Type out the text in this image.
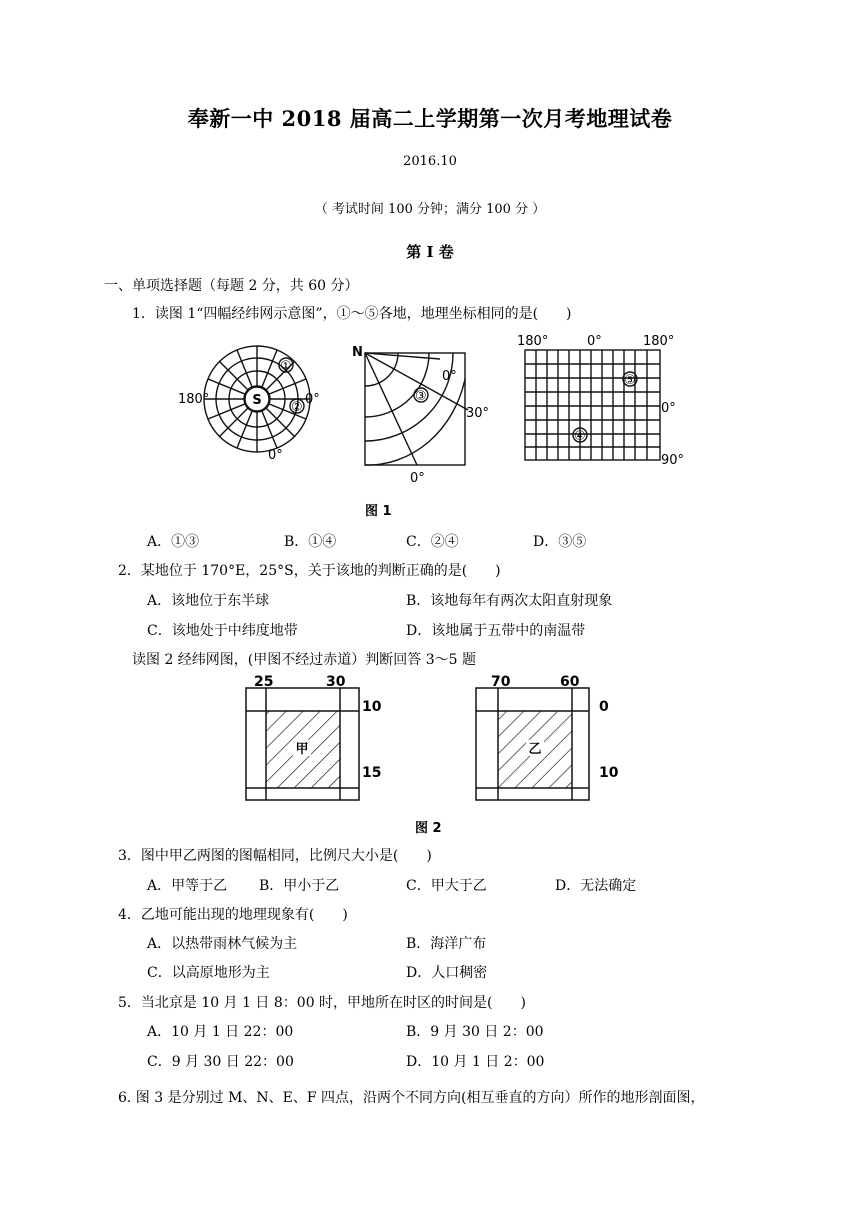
奉新一中 2018 届高二上学期第一次月考地理试卷
2016.10
（ 考试时间 100 分钟；满分 100 分 ）
第 I 卷
一、单项选择题（每题 2 分，共 60 分）
1．读图 1“四幅经纬网示意图”，①～⑤各地，地理坐标相同的是(　　)
S
180°	0°
0°
①
②
N
0°
30°
0°
③
180°	0°	180°
0°
90°
⑤
④
图 1
A．①③	B．①④	C．②④	D．③⑤
2．某地位于 170°E，25°S，关于该地的判断正确的是(　　)
A．该地位于东半球	B．该地每年有两次太阳直射现象
C．该地处于中纬度地带	D．该地属于五带中的南温带
读图 2 经纬网图，(甲图不经过赤道）判断回答 3～5 题
25	30
10
15
甲
70	60
0
10
乙
图 2
3．图中甲乙两图的图幅相同，比例尺大小是(　　)
A．甲等于乙 B．甲小于乙	C．甲大于乙	D．无法确定
4．乙地可能出现的地理现象有(　　)
A．以热带雨林气候为主	B．海洋广布
C．以高原地形为主	D．人口稠密
5．当北京是 10 月 1 日 8：00 时，甲地所在时区的时间是(　　)
A．10 月 1 日 22：00	B．9 月 30 日 2：00
C．9 月 30 日 22：00	D．10 月 1 日 2：00
6. 图 3 是分别过 M、N、E、F 四点，沿两个不同方向(相互垂直的方向）所作的地形剖面图，
